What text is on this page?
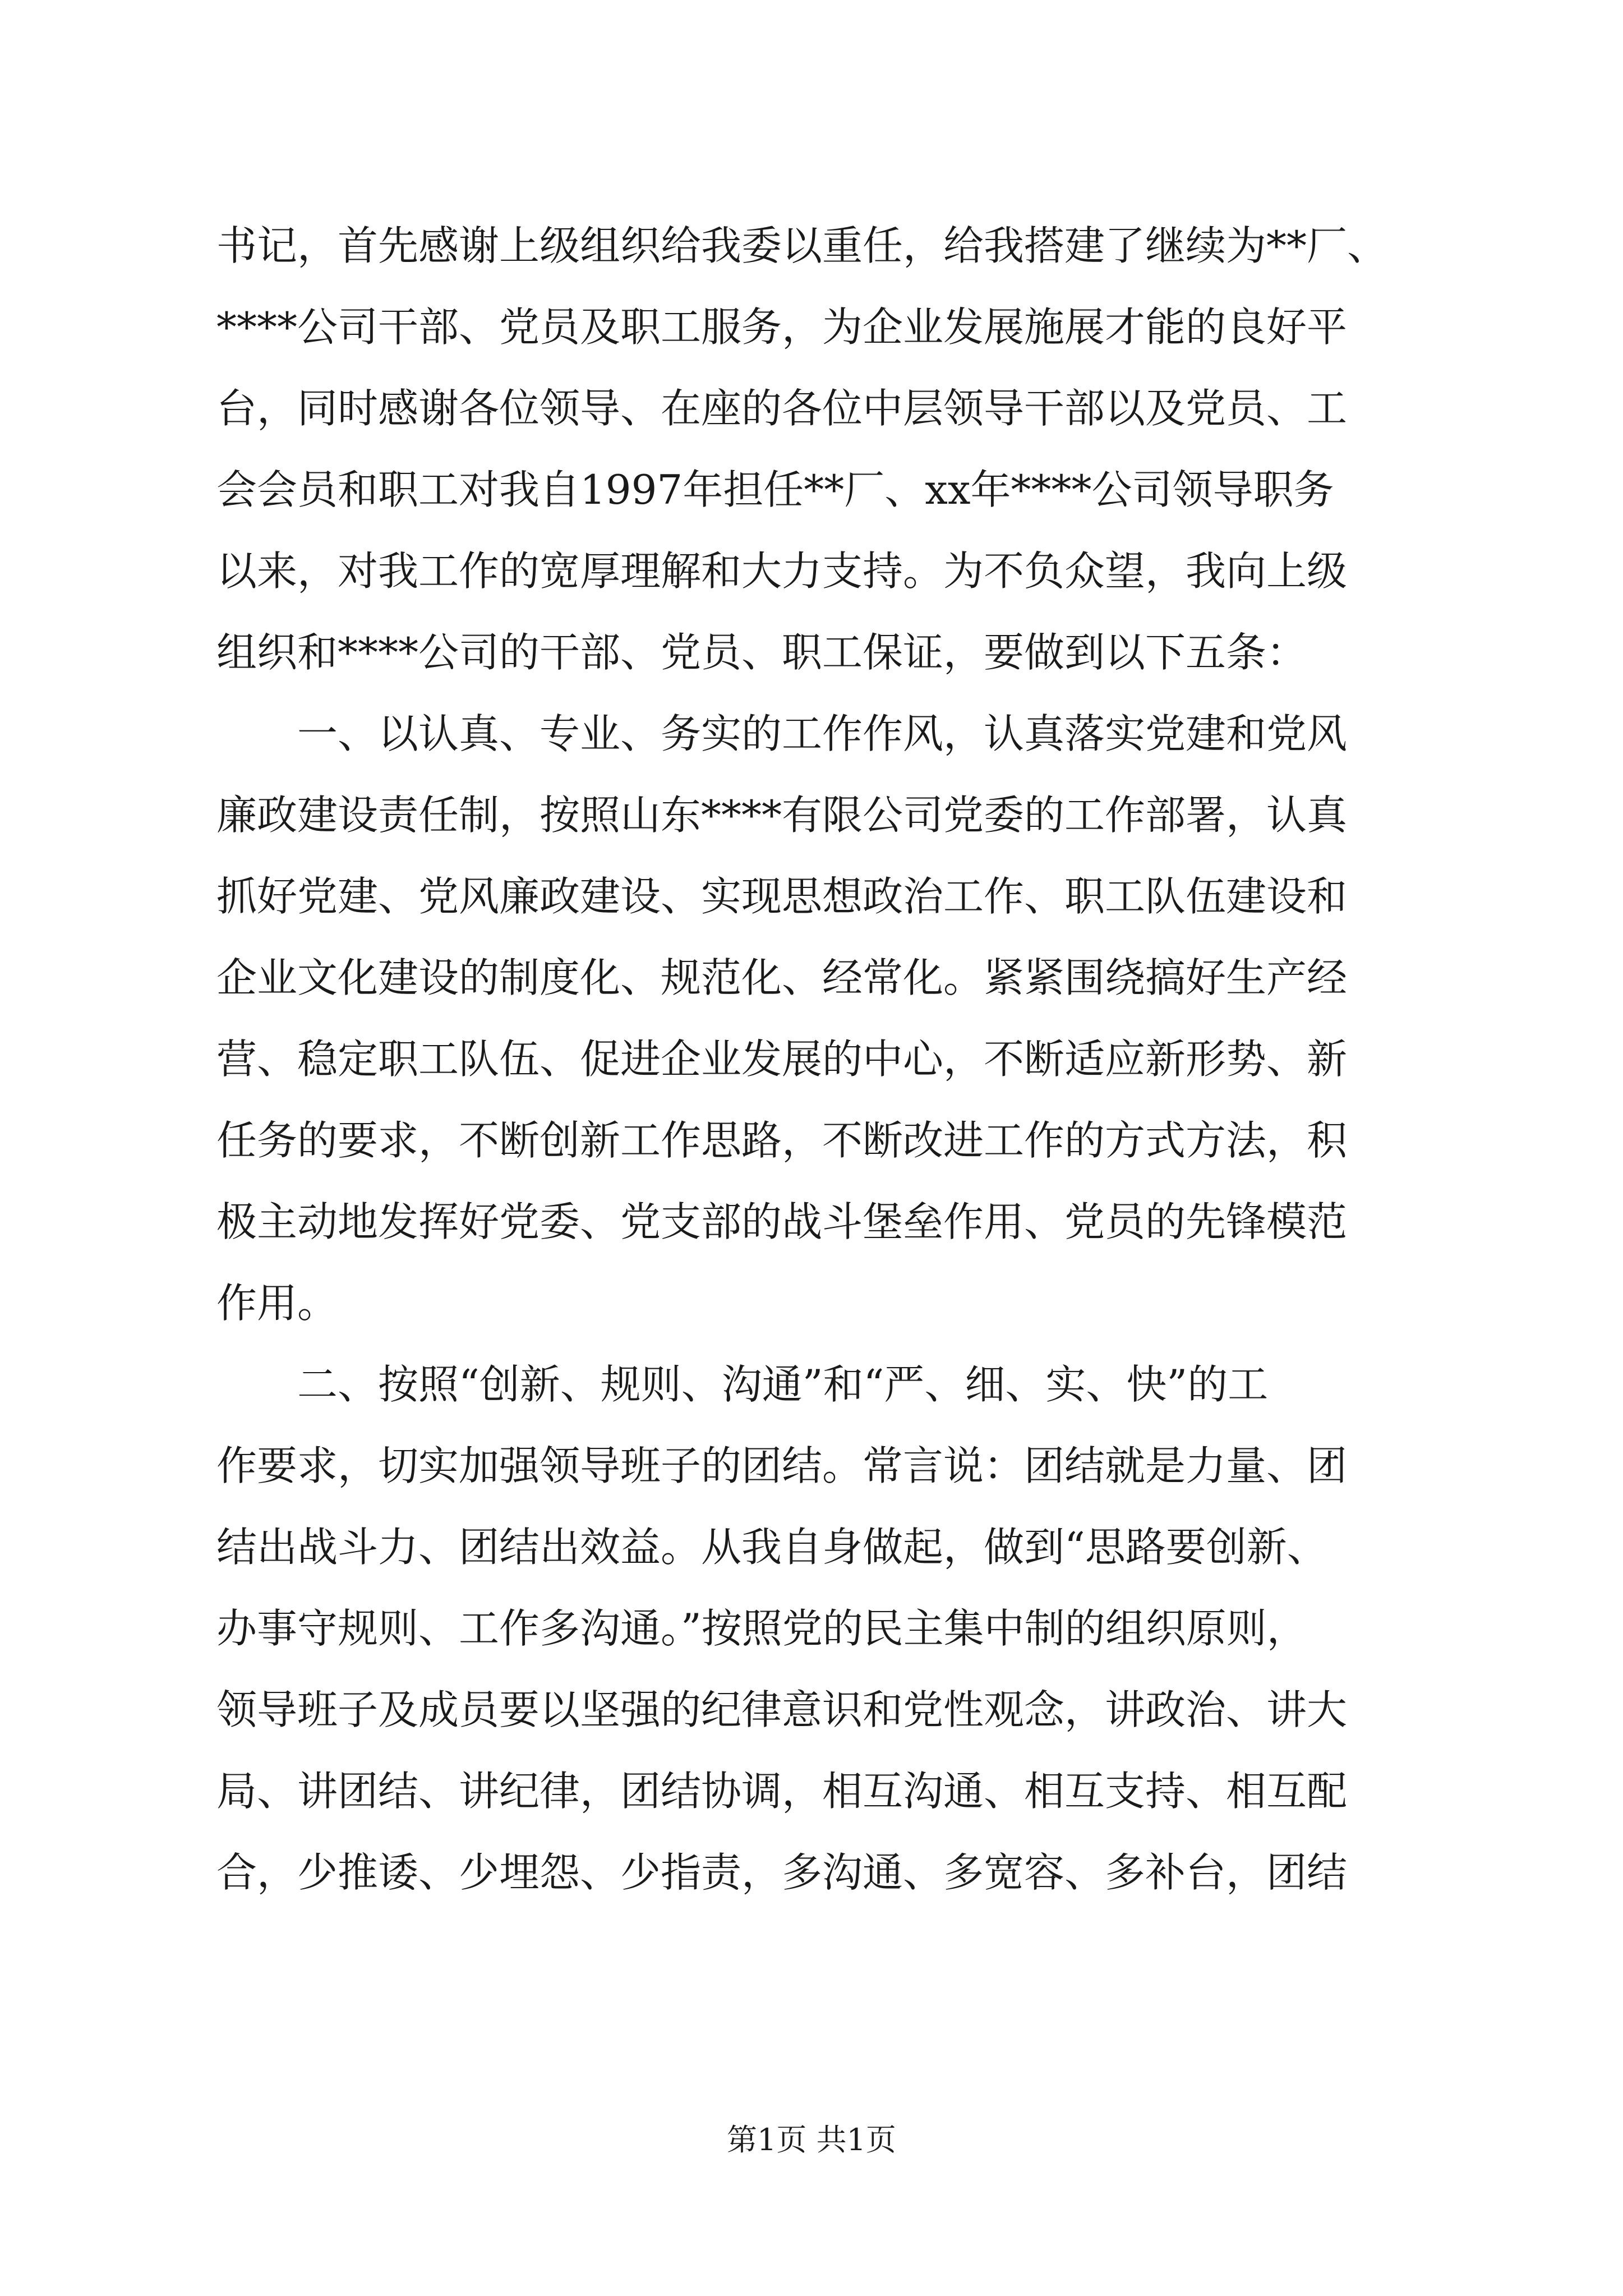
书记，首先感谢上级组织给我委以重任，给我搭建了继续为**厂、
****公司干部、党员及职工服务，为企业发展施展才能的良好平
台，同时感谢各位领导、在座的各位中层领导干部以及党员、工
会会员和职工对我自1997年担任**厂、xx年****公司领导职务
以来，对我工作的宽厚理解和大力支持。为不负众望，我向上级
组织和****公司的干部、党员、职工保证，要做到以下五条：
　　一、以认真、专业、务实的工作作风，认真落实党建和党风
廉政建设责任制，按照山东****有限公司党委的工作部署，认真
抓好党建、党风廉政建设、实现思想政治工作、职工队伍建设和
企业文化建设的制度化、规范化、经常化。紧紧围绕搞好生产经
营、稳定职工队伍、促进企业发展的中心，不断适应新形势、新
任务的要求，不断创新工作思路，不断改进工作的方式方法，积
极主动地发挥好党委、党支部的战斗堡垒作用、党员的先锋模范
作用。
　　二、按照“创新、规则、沟通”和“严、细、实、快”的工
作要求，切实加强领导班子的团结。常言说：团结就是力量、团
结出战斗力、团结出效益。从我自身做起，做到“思路要创新、
办事守规则、工作多沟通。”按照党的民主集中制的组织原则，
领导班子及成员要以坚强的纪律意识和党性观念，讲政治、讲大
局、讲团结、讲纪律，团结协调，相互沟通、相互支持、相互配
合，少推诿、少埋怨、少指责，多沟通、多宽容、多补台，团结
第1页 共1页
